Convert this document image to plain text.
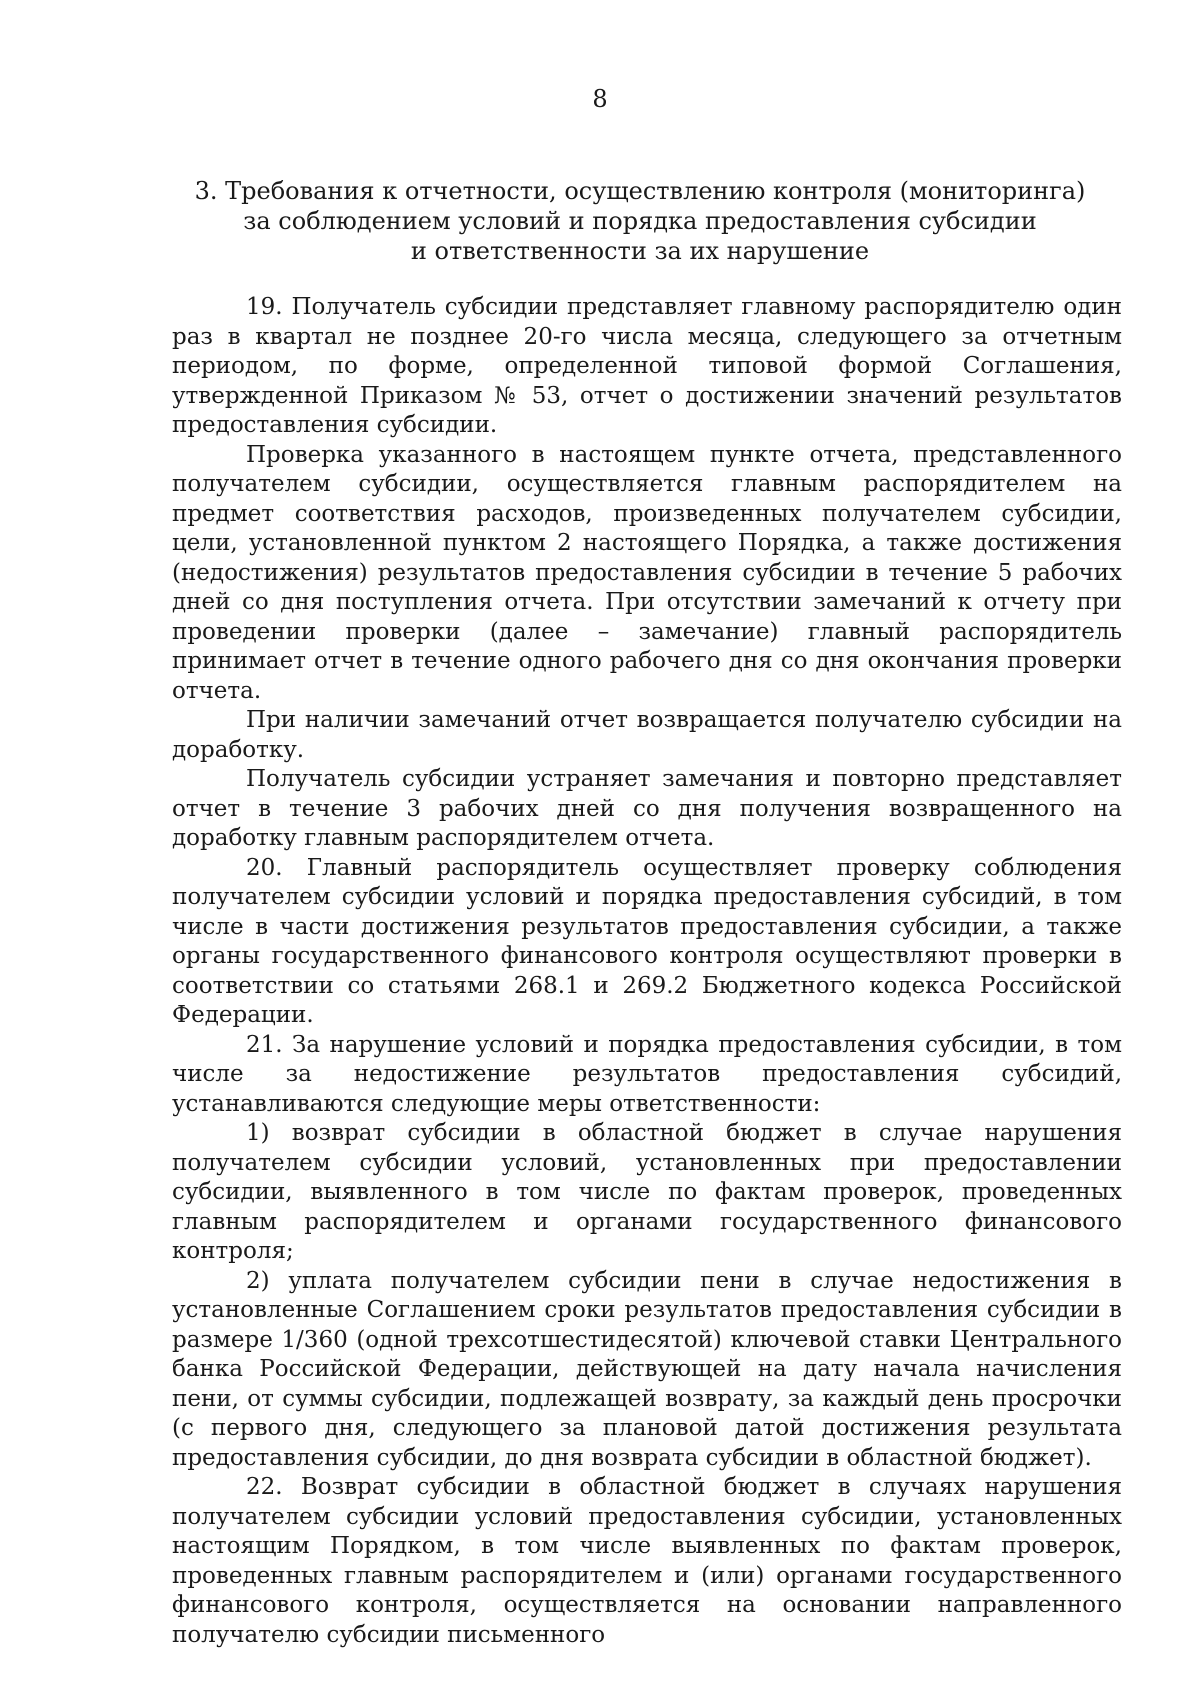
8
3. Требования к отчетности, осуществлению контроля (мониторинга)
за соблюдением условий и порядка предоставления субсидии
и ответственности за их нарушение

19. Получатель субсидии представляет главному распорядителю один раз в квартал не позднее 20-го числа месяца, следующего за отчетным периодом, по форме, определенной типовой формой Соглашения, утвержденной Приказом № 53, отчет о достижении значений результатов предоставления субсидии.

Проверка указанного в настоящем пункте отчета, представленного получателем субсидии, осуществляется главным распорядителем на предмет соответствия расходов, произведенных получателем субсидии, цели, установленной пунктом 2 настоящего Порядка, а также достижения (недостижения) результатов предоставления субсидии в течение 5 рабочих дней со дня поступления отчета. При отсутствии замечаний к отчету при проведении проверки (далее – замечание) главный распорядитель принимает отчет в течение одного рабочего дня со дня окончания проверки отчета.

При наличии замечаний отчет возвращается получателю субсидии на доработку.

Получатель субсидии устраняет замечания и повторно представляет отчет в течение 3 рабочих дней со дня получения возвращенного на доработку главным распорядителем отчета.

20. Главный распорядитель осуществляет проверку соблюдения получателем субсидии условий и порядка предоставления субсидий, в том числе в части достижения результатов предоставления субсидии, а также органы государственного финансового контроля осуществляют проверки в соответствии со статьями 268.1 и 269.2 Бюджетного кодекса Российской Федерации.

21. За нарушение условий и порядка предоставления субсидии, в том числе за недостижение результатов предоставления субсидий, устанавливаются следующие меры ответственности:

1) возврат субсидии в областной бюджет в случае нарушения получателем субсидии условий, установленных при предоставлении субсидии, выявленного в том числе по фактам проверок, проведенных главным распорядителем и органами государственного финансового контроля;

2) уплата получателем субсидии пени в случае недостижения в установленные Соглашением сроки результатов предоставления субсидии в размере 1/360 (одной трехсотшестидесятой) ключевой ставки Центрального банка Российской Федерации, действующей на дату начала начисления пени, от суммы субсидии, подлежащей возврату, за каждый день просрочки (с первого дня, следующего за плановой датой достижения результата предоставления субсидии, до дня возврата субсидии в областной бюджет).

22. Возврат субсидии в областной бюджет в случаях нарушения получателем субсидии условий предоставления субсидии, установленных настоящим Порядком, в том числе выявленных по фактам проверок, проведенных главным распорядителем и (или) органами государственного финансового контроля, осуществляется на основании направленного получателю субсидии письменного
